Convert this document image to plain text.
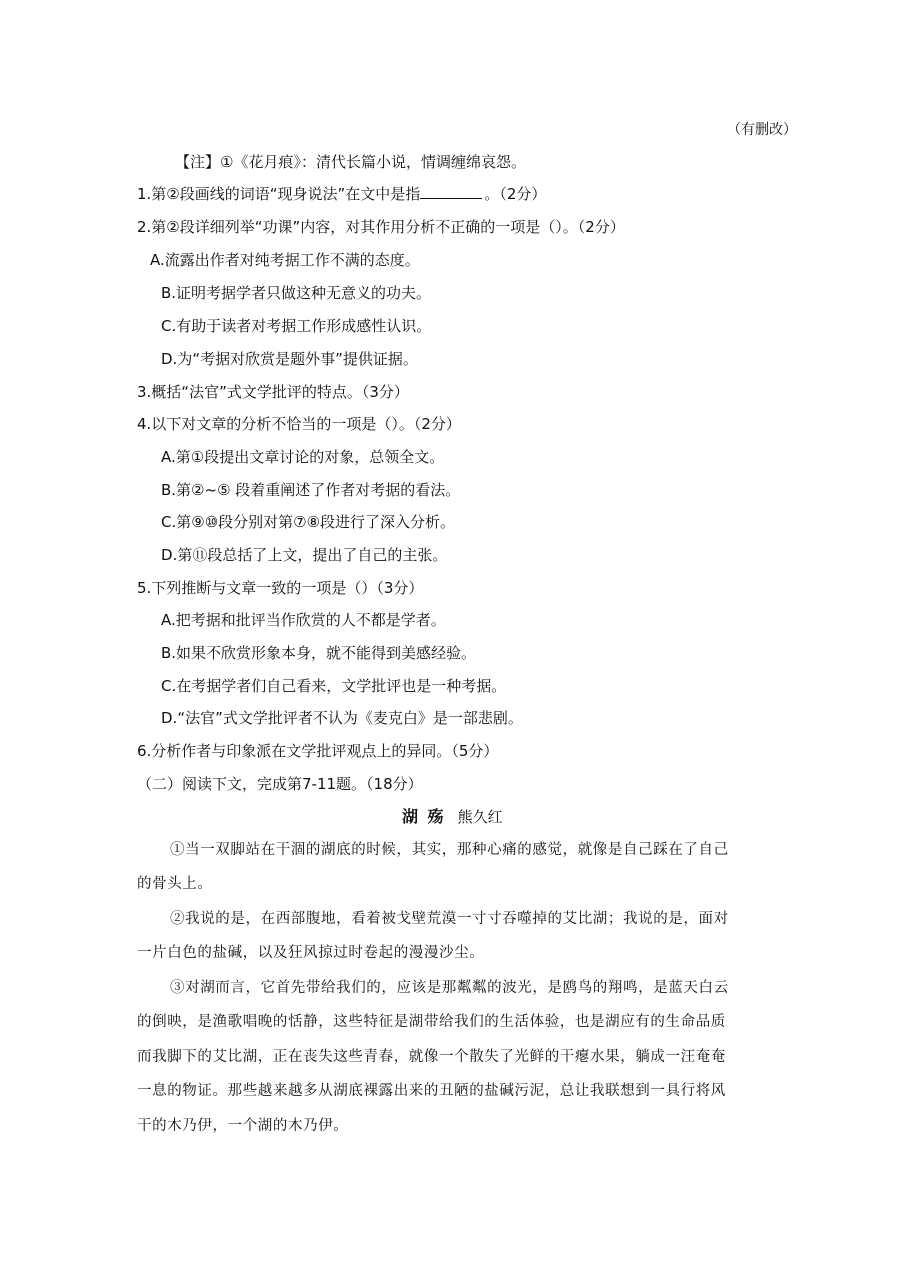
（有删改）
【注】①《花月痕》：清代长篇小说，情调缠绵哀怨。
1.第②段画线的词语“现身说法”在文中是指	。（2分）
2.第②段详细列举“功课”内容，对其作用分析不正确的一项是（）。（2分）
A.流露出作者对纯考据工作不满的态度。
B.证明考据学者只做这种无意义的功夫。
C.有助于读者对考据工作形成感性认识。
D.为“考据对欣赏是题外事”提供证据。
3.概括“法官”式文学批评的特点。（3分）
4.以下对文章的分析不恰当的一项是（）。（2分）
A.第①段提出文章讨论的对象，总领全文。
B.第②~⑤ 段着重阐述了作者对考据的看法。
C.第⑨⑩段分别对第⑦⑧段进行了深入分析。
D.第⑪段总括了上文，提出了自己的主张。
5.下列推断与文章一致的一项是（）（3分）
A.把考据和批评当作欣赏的人不都是学者。
B.如果不欣赏形象本身，就不能得到美感经验。
C.在考据学者们自己看来，文学批评也是一种考据。
D.“法官”式文学批评者不认为《麦克白》是一部悲剧。
6.分析作者与印象派在文学批评观点上的异同。（5分）
（二）阅读下文，完成第7-11题。（18分）
湖 殇 熊久红
①当一双脚站在干涸的湖底的时候，其实，那种心痛的感觉，就像是自己踩在了自己
的骨头上。
②我说的是，在西部腹地，看着被戈壁荒漠一寸寸吞噬掉的艾比湖；我说的是，面对
一片白色的盐碱，以及狂风掠过时卷起的漫漫沙尘。
③对湖而言，它首先带给我们的，应该是那粼粼的波光，是鸥鸟的翔鸣，是蓝天白云
的倒映，是渔歌唱晚的恬静，这些特征是湖带给我们的生活体验，也是湖应有的生命品质
而我脚下的艾比湖，正在丧失这些青春，就像一个散失了光鲜的干瘪水果，躺成一汪奄奄
一息的物证。那些越来越多从湖底裸露出来的丑陋的盐碱污泥，总让我联想到一具行将风
干的木乃伊，一个湖的木乃伊。
